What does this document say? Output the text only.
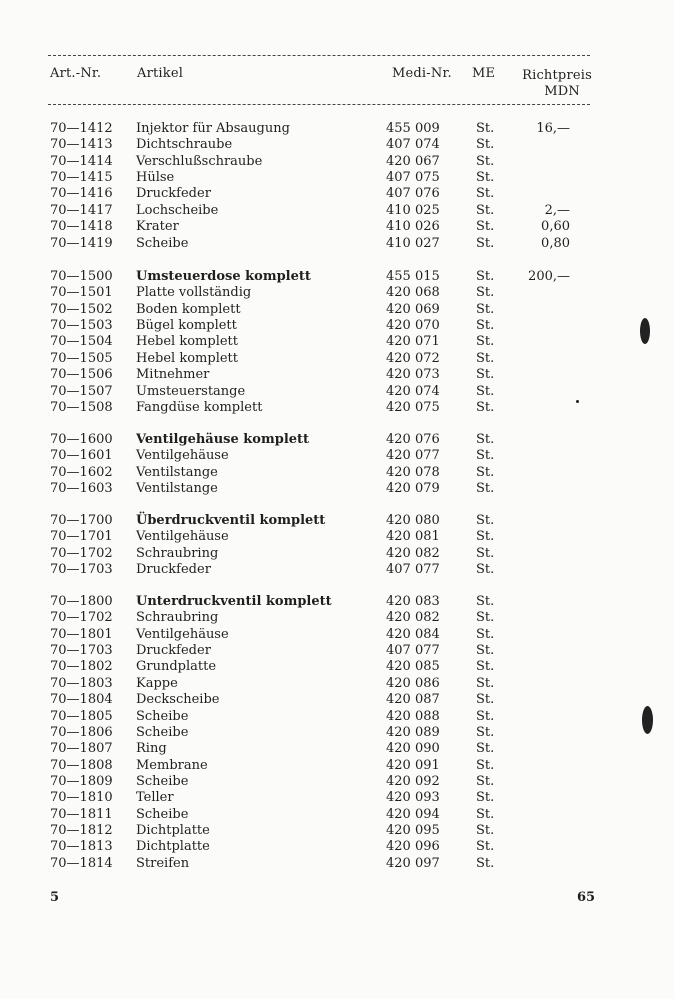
Art.-Nr.	Artikel	Medi-Nr. ME	Richtpreis
MDN
70—1412 Injektor für Absaugung	455 009	St.	16,—
70—1413 Dichtschraube	407 074	St.
70—1414 Verschlußschraube	420 067	St.
70—1415 Hülse	407 075	St.
70—1416 Druckfeder	407 076	St.
70—1417 Lochscheibe	410 025	St.	2,—
70—1418 Krater	410 026	St.	0,60
70—1419 Scheibe	410 027	St.	0,80
70—1500 Umsteuerdose komplett	455 015	St.	200,—
70—1501 Platte vollständig	420 068	St.
70—1502 Boden komplett	420 069	St.
70—1503 Bügel komplett	420 070	St.
70—1504 Hebel komplett	420 071	St.
70—1505 Hebel komplett	420 072	St.
70—1506 Mitnehmer	420 073	St.
70—1507 Umsteuerstange	420 074	St.
70—1508 Fangdüse komplett	420 075	St.
70—1600 Ventilgehäuse komplett	420 076	St.
70—1601 Ventilgehäuse	420 077	St.
70—1602 Ventilstange	420 078	St.
70—1603 Ventilstange	420 079	St.
70—1700 Überdruckventil komplett	420 080	St.
70—1701 Ventilgehäuse	420 081	St.
70—1702 Schraubring	420 082	St.
70—1703 Druckfeder	407 077	St.
70—1800 Unterdruckventil komplett	420 083	St.
70—1702 Schraubring	420 082	St.
70—1801 Ventilgehäuse	420 084	St.
70—1703 Druckfeder	407 077	St.
70—1802 Grundplatte	420 085	St.
70—1803 Kappe	420 086	St.
70—1804 Deckscheibe	420 087	St.
70—1805 Scheibe	420 088	St.
70—1806 Scheibe	420 089	St.
70—1807 Ring	420 090	St.
70—1808 Membrane	420 091	St.
70—1809 Scheibe	420 092	St.
70—1810 Teller	420 093	St.
70—1811 Scheibe	420 094	St.
70—1812 Dichtplatte	420 095	St.
70—1813 Dichtplatte	420 096	St.
70—1814 Streifen	420 097	St.
5	65
